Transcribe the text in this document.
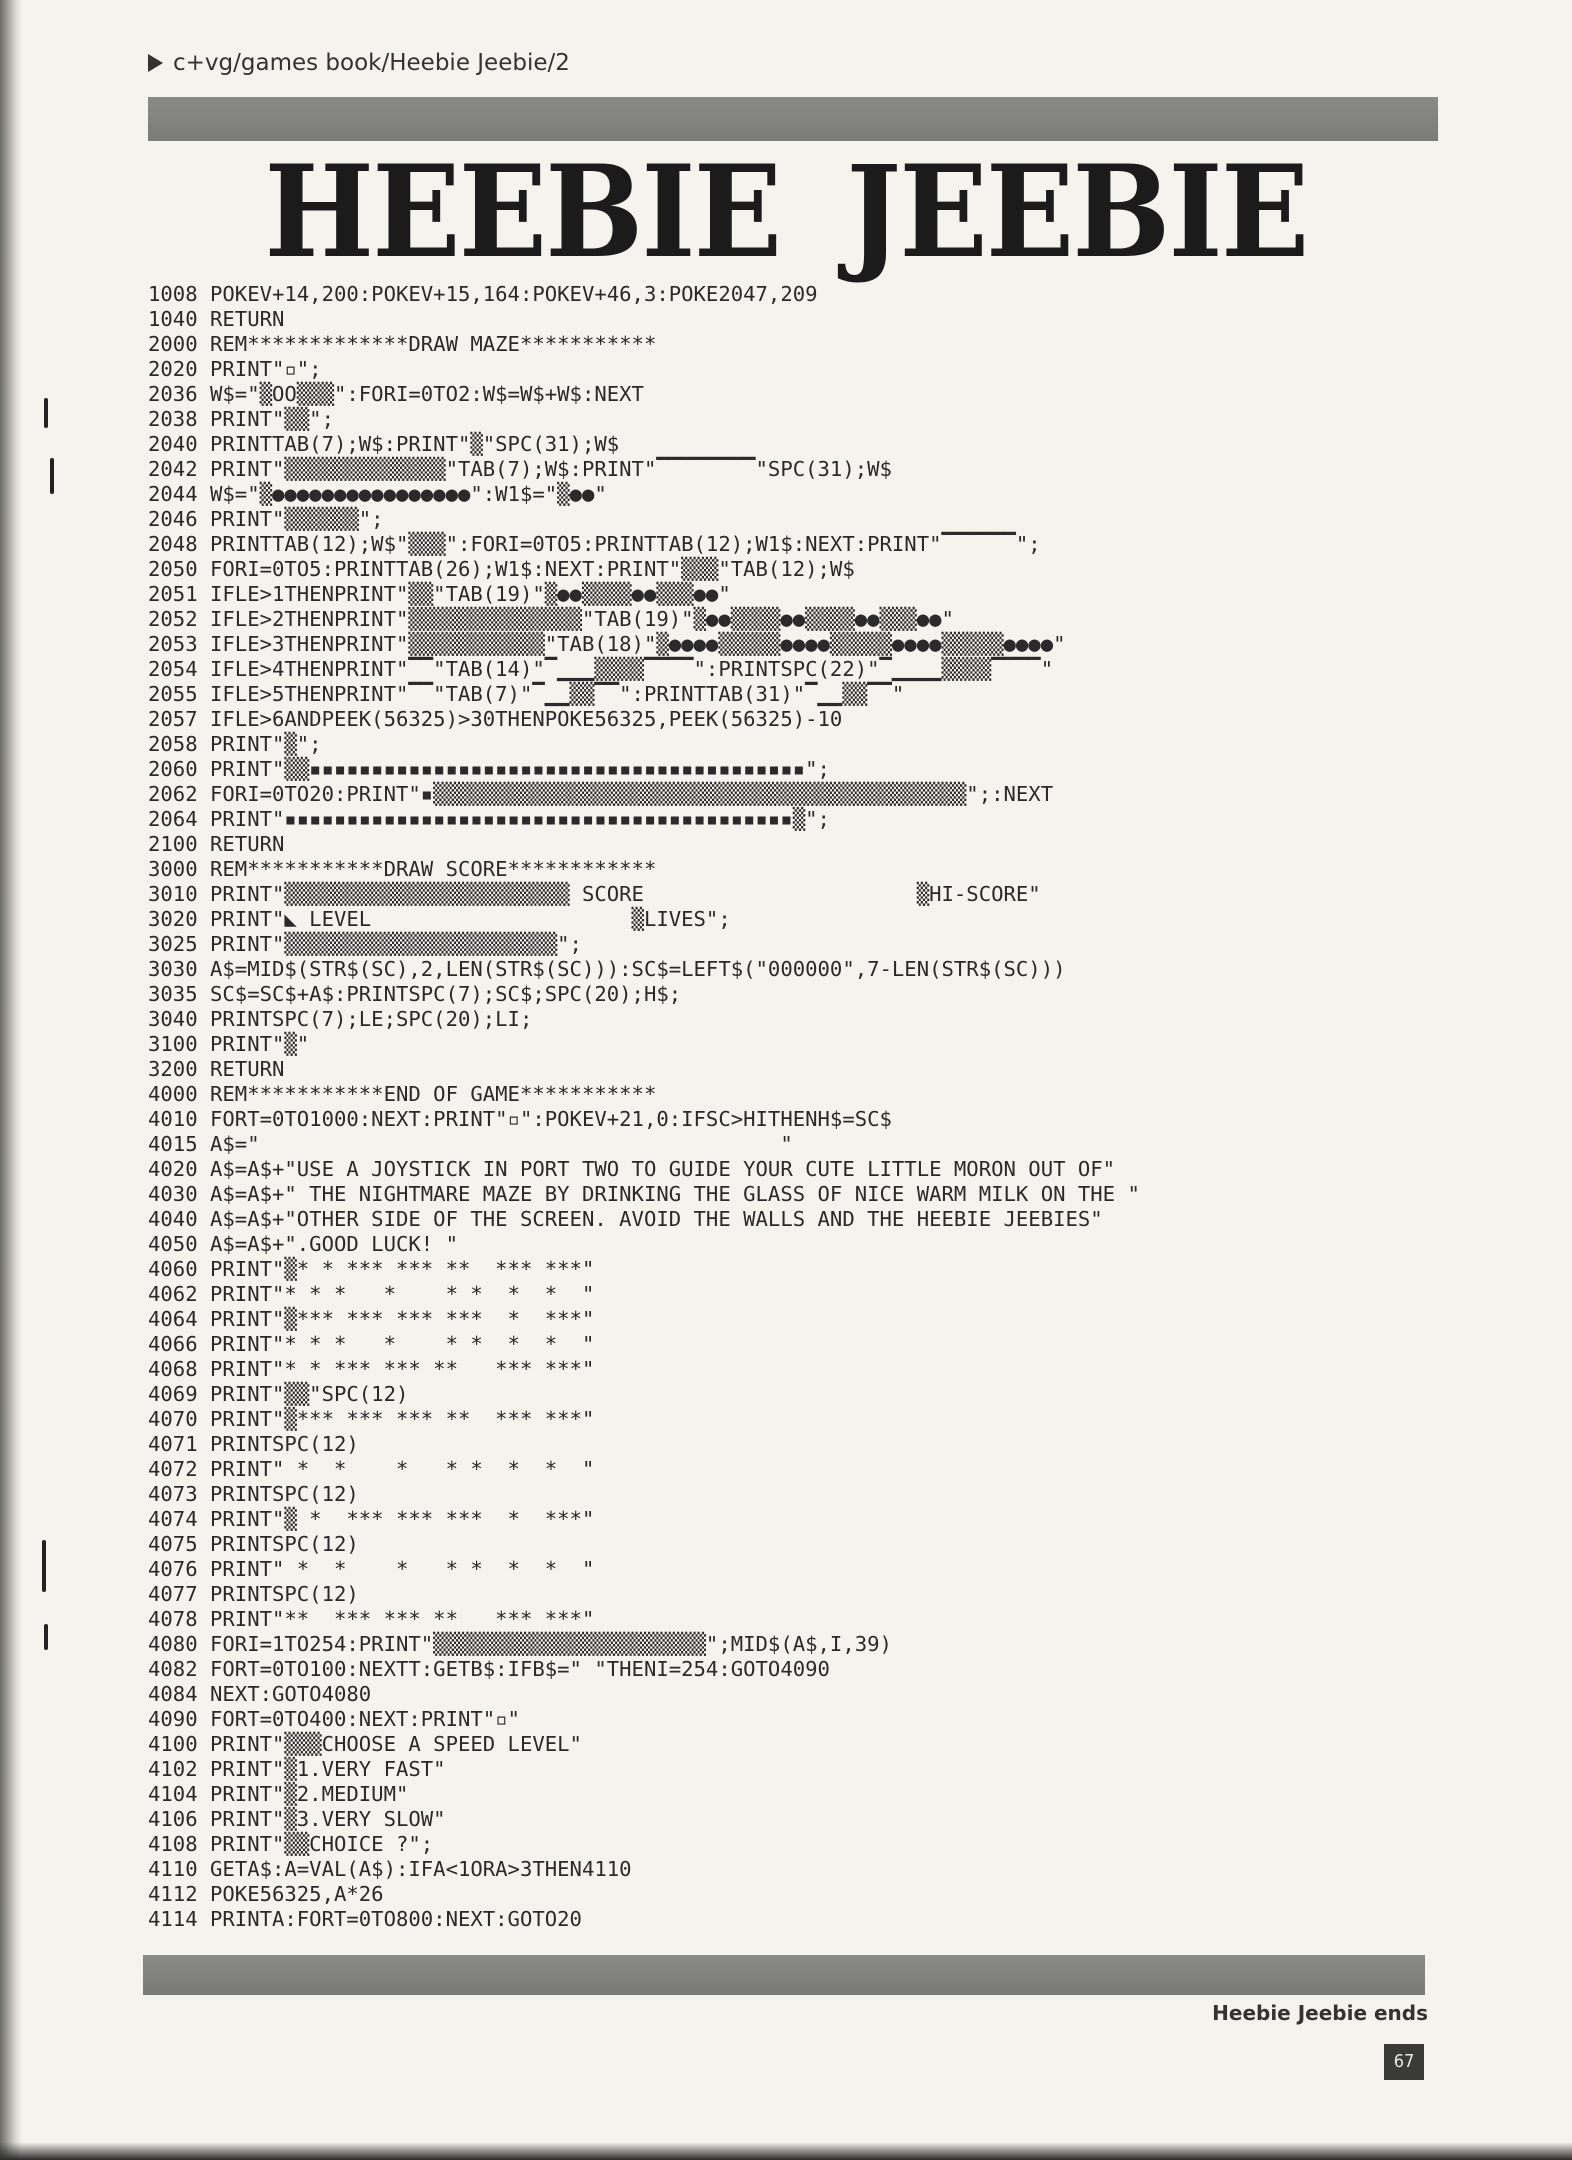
c+vg/games book/Heebie Jeebie/2
HEEBIE JEEBIE
1008 POKEV+14,200:POKEV+15,164:POKEV+46,3:POKE2047,209
1040 RETURN
2000 REM*************DRAW MAZE***********
2020 PRINT"▫";
2036 W$="▒OO▒▒▒":FORI=0TO2:W$=W$+W$:NEXT
2038 PRINT"▒▒";
2040 PRINTTAB(7);W$:PRINT"▒"SPC(31);W$
2042 PRINT"▒▒▒▒▒▒▒▒▒▒▒▒▒"TAB(7);W$:PRINT"▔▔▔▔▔▔▔▔"SPC(31);W$
2044 W$="▒●●●●●●●●●●●●●●●●":W1$="▒●●"
2046 PRINT"▒▒▒▒▒▒";
2048 PRINTTAB(12);W$"▒▒▒":FORI=0TO5:PRINTTAB(12);W1$:NEXT:PRINT"▔▔▔▔▔▔";
2050 FORI=0TO5:PRINTTAB(26);W1$:NEXT:PRINT"▒▒▒"TAB(12);W$
2051 IFLE>1THENPRINT"▒▒"TAB(19)"▒●●▒▒▒▒●●▒▒▒●●"
2052 IFLE>2THENPRINT"▒▒▒▒▒▒▒▒▒▒▒▒▒▒"TAB(19)"▒●●▒▒▒▒●●▒▒▒▒●●▒▒▒●●"
2053 IFLE>3THENPRINT"▒▒▒▒▒▒▒▒▒▒▒"TAB(18)"▒●●●●▒▒▒▒▒●●●●▒▒▒▒▒●●●●▒▒▒▒▒●●●●"
2054 IFLE>4THENPRINT"▔▔"TAB(14)"▔▁▁▁▒▒▒▒▔▔▔▔":PRINTSPC(22)"▔▁▁▁▁▒▒▒▒▔▔▔▔"
2055 IFLE>5THENPRINT"▔▔"TAB(7)"▔▁▁▒▒▔▔":PRINTTAB(31)"▔▁▁▒▒▔▔"
2057 IFLE>6ANDPEEK(56325)>30THENPOKE56325,PEEK(56325)-10
2058 PRINT"▒";
2060 PRINT"▒▒▪▪▪▪▪▪▪▪▪▪▪▪▪▪▪▪▪▪▪▪▪▪▪▪▪▪▪▪▪▪▪▪▪▪▪▪▪▪▪▪";
2062 FORI=0TO20:PRINT"▪▒▒▒▒▒▒▒▒▒▒▒▒▒▒▒▒▒▒▒▒▒▒▒▒▒▒▒▒▒▒▒▒▒▒▒▒▒▒▒▒▒▒▒";:NEXT
2064 PRINT"▪▪▪▪▪▪▪▪▪▪▪▪▪▪▪▪▪▪▪▪▪▪▪▪▪▪▪▪▪▪▪▪▪▪▪▪▪▪▪▪▪▒";
2100 RETURN
3000 REM***********DRAW SCORE************
3010 PRINT"▒▒▒▒▒▒▒▒▒▒▒▒▒▒▒▒▒▒▒▒▒▒▒ SCORE                      ▒HI-SCORE"
3020 PRINT"◣ LEVEL                     ▒LIVES";
3025 PRINT"▒▒▒▒▒▒▒▒▒▒▒▒▒▒▒▒▒▒▒▒▒▒";
3030 A$=MID$(STR$(SC),2,LEN(STR$(SC))):SC$=LEFT$("000000",7-LEN(STR$(SC)))
3035 SC$=SC$+A$:PRINTSPC(7);SC$;SPC(20);H$;
3040 PRINTSPC(7);LE;SPC(20);LI;
3100 PRINT"▒"
3200 RETURN
4000 REM***********END OF GAME***********
4010 FORT=0TO1000:NEXT:PRINT"▫":POKEV+21,0:IFSC>HITHENH$=SC$
4015 A$="                                          "
4020 A$=A$+"USE A JOYSTICK IN PORT TWO TO GUIDE YOUR CUTE LITTLE MORON OUT OF"
4030 A$=A$+" THE NIGHTMARE MAZE BY DRINKING THE GLASS OF NICE WARM MILK ON THE "
4040 A$=A$+"OTHER SIDE OF THE SCREEN. AVOID THE WALLS AND THE HEEBIE JEEBIES"
4050 A$=A$+".GOOD LUCK! "
4060 PRINT"▒* * *** *** **  *** ***"
4062 PRINT"* * *   *    * *  *  *  "
4064 PRINT"▒*** *** *** ***  *  ***"
4066 PRINT"* * *   *    * *  *  *  "
4068 PRINT"* * *** *** **   *** ***"
4069 PRINT"▒▒"SPC(12)
4070 PRINT"▒*** *** *** **  *** ***"
4071 PRINTSPC(12)
4072 PRINT" *  *    *   * *  *  *  "
4073 PRINTSPC(12)
4074 PRINT"▒ *  *** *** ***  *  ***"
4075 PRINTSPC(12)
4076 PRINT" *  *    *   * *  *  *  "
4077 PRINTSPC(12)
4078 PRINT"**  *** *** **   *** ***"
4080 FORI=1TO254:PRINT"▒▒▒▒▒▒▒▒▒▒▒▒▒▒▒▒▒▒▒▒▒▒";MID$(A$,I,39)
4082 FORT=0TO100:NEXTT:GETB$:IFB$=" "THENI=254:GOTO4090
4084 NEXT:GOTO4080
4090 FORT=0TO400:NEXT:PRINT"▫"
4100 PRINT"▒▒▒CHOOSE A SPEED LEVEL"
4102 PRINT"▒1.VERY FAST"
4104 PRINT"▒2.MEDIUM"
4106 PRINT"▒3.VERY SLOW"
4108 PRINT"▒▒CHOICE ?";
4110 GETA$:A=VAL(A$):IFA<1ORA>3THEN4110
4112 POKE56325,A*26
4114 PRINTA:FORT=0TO800:NEXT:GOTO20
Heebie Jeebie ends
67
